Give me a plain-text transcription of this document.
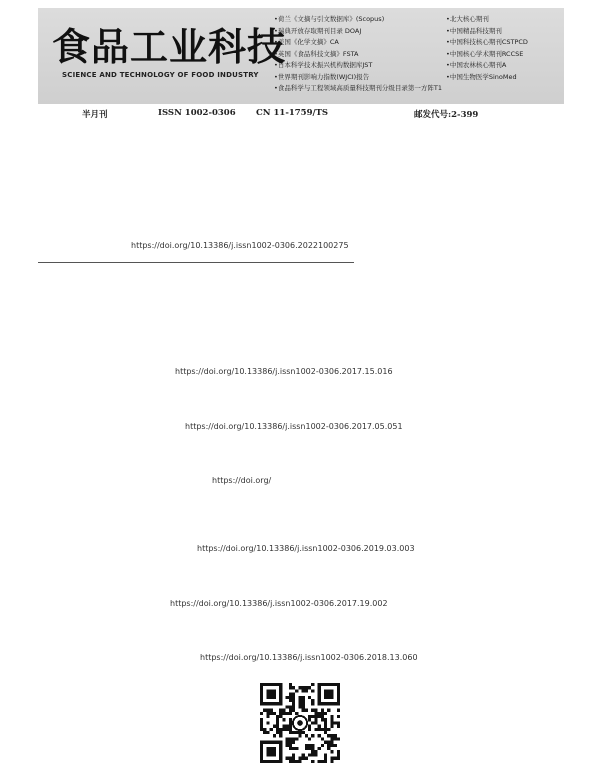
食品工业科技
SCIENCE AND TECHNOLOGY OF FOOD INDUSTRY
• 荷兰《文摘与引文数据库》(Scopus)
• 瑞典开放存取期刊目录 DOAJ
• 美国《化学文摘》CA
• 英国《食品科技文摘》FSTA
• 日本科学技术振兴机构数据库JST
• 世界期刊影响力指数(WJCI)报告
• 食品科学与工程领域高质量科技期刊分级目录第一方阵T1
• 北大核心期刊
• 中国精品科技期刊
• 中国科技核心期刊CSTPCD
• 中国核心学术期刊RCCSE
• 中国农林核心期刊A
• 中国生物医学SinoMed
半月刊	ISSN 1002-0306 CN 11-1759/TS	邮发代号:2-399
https://doi.org/10.13386/j.issn1002-0306.2022100275
https://doi.org/10.13386/j.issn1002-0306.2017.15.016
https://doi.org/10.13386/j.issn1002-0306.2017.05.051
https://doi.org/
https://doi.org/10.13386/j.issn1002-0306.2019.03.003
https://doi.org/10.13386/j.issn1002-0306.2017.19.002
https://doi.org/10.13386/j.issn1002-0306.2018.13.060
